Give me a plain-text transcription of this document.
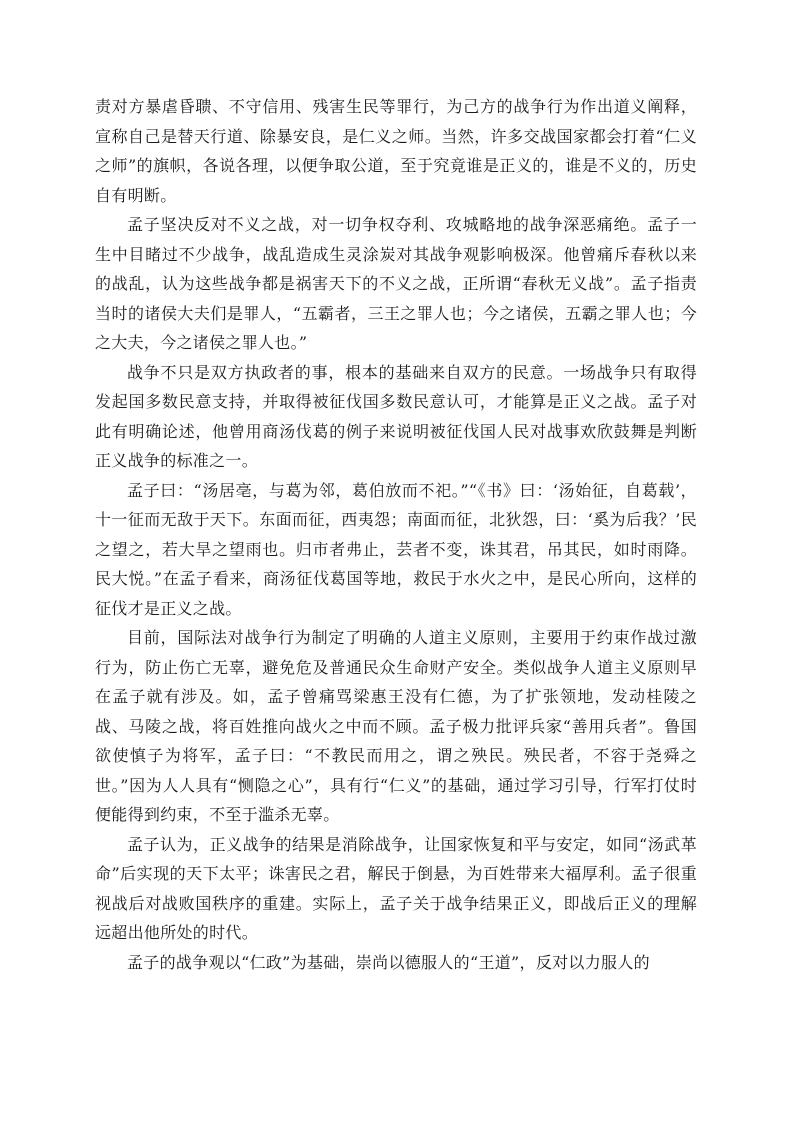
责对方暴虐昏聩、不守信用、残害生民等罪行，为己方的战争行为作出道义阐释，宣称自己是替天行道、除暴安良，是仁义之师。当然，许多交战国家都会打着“仁义之师”的旗帜，各说各理，以便争取公道，至于究竟谁是正义的，谁是不义的，历史自有明断。

孟子坚决反对不义之战，对一切争权夺利、攻城略地的战争深恶痛绝。孟子一生中目睹过不少战争，战乱造成生灵涂炭对其战争观影响极深。他曾痛斥春秋以来的战乱，认为这些战争都是祸害天下的不义之战，正所谓“春秋无义战”。孟子指责当时的诸侯大夫们是罪人，“五霸者，三王之罪人也；今之诸侯，五霸之罪人也；今之大夫，今之诸侯之罪人也。”

战争不只是双方执政者的事，根本的基础来自双方的民意。一场战争只有取得发起国多数民意支持，并取得被征伐国多数民意认可，才能算是正义之战。孟子对此有明确论述，他曾用商汤伐葛的例子来说明被征伐国人民对战事欢欣鼓舞是判断正义战争的标准之一。

孟子曰：“汤居亳，与葛为邻，葛伯放而不祀。”“《书》曰：‘汤始征，自葛载’，十一征而无敌于天下。东面而征，西夷怨；南面而征，北狄怨，曰：‘奚为后我？’民之望之，若大旱之望雨也。归市者弗止，芸者不变，诛其君，吊其民，如时雨降。民大悦。”在孟子看来，商汤征伐葛国等地，救民于水火之中，是民心所向，这样的征伐才是正义之战。

目前，国际法对战争行为制定了明确的人道主义原则，主要用于约束作战过激行为，防止伤亡无辜，避免危及普通民众生命财产安全。类似战争人道主义原则早在孟子就有涉及。如，孟子曾痛骂梁惠王没有仁德，为了扩张领地，发动桂陵之战、马陵之战，将百姓推向战火之中而不顾。孟子极力批评兵家“善用兵者”。鲁国欲使慎子为将军，孟子曰：“不教民而用之，谓之殃民。殃民者，不容于尧舜之世。”因为人人具有“恻隐之心”，具有行“仁义”的基础，通过学习引导，行军打仗时便能得到约束，不至于滥杀无辜。

孟子认为，正义战争的结果是消除战争，让国家恢复和平与安定，如同“汤武革命”后实现的天下太平；诛害民之君，解民于倒悬，为百姓带来大福厚利。孟子很重视战后对战败国秩序的重建。实际上，孟子关于战争结果正义，即战后正义的理解远超出他所处的时代。

孟子的战争观以“仁政”为基础，崇尚以德服人的“王道”，反对以力服人的
